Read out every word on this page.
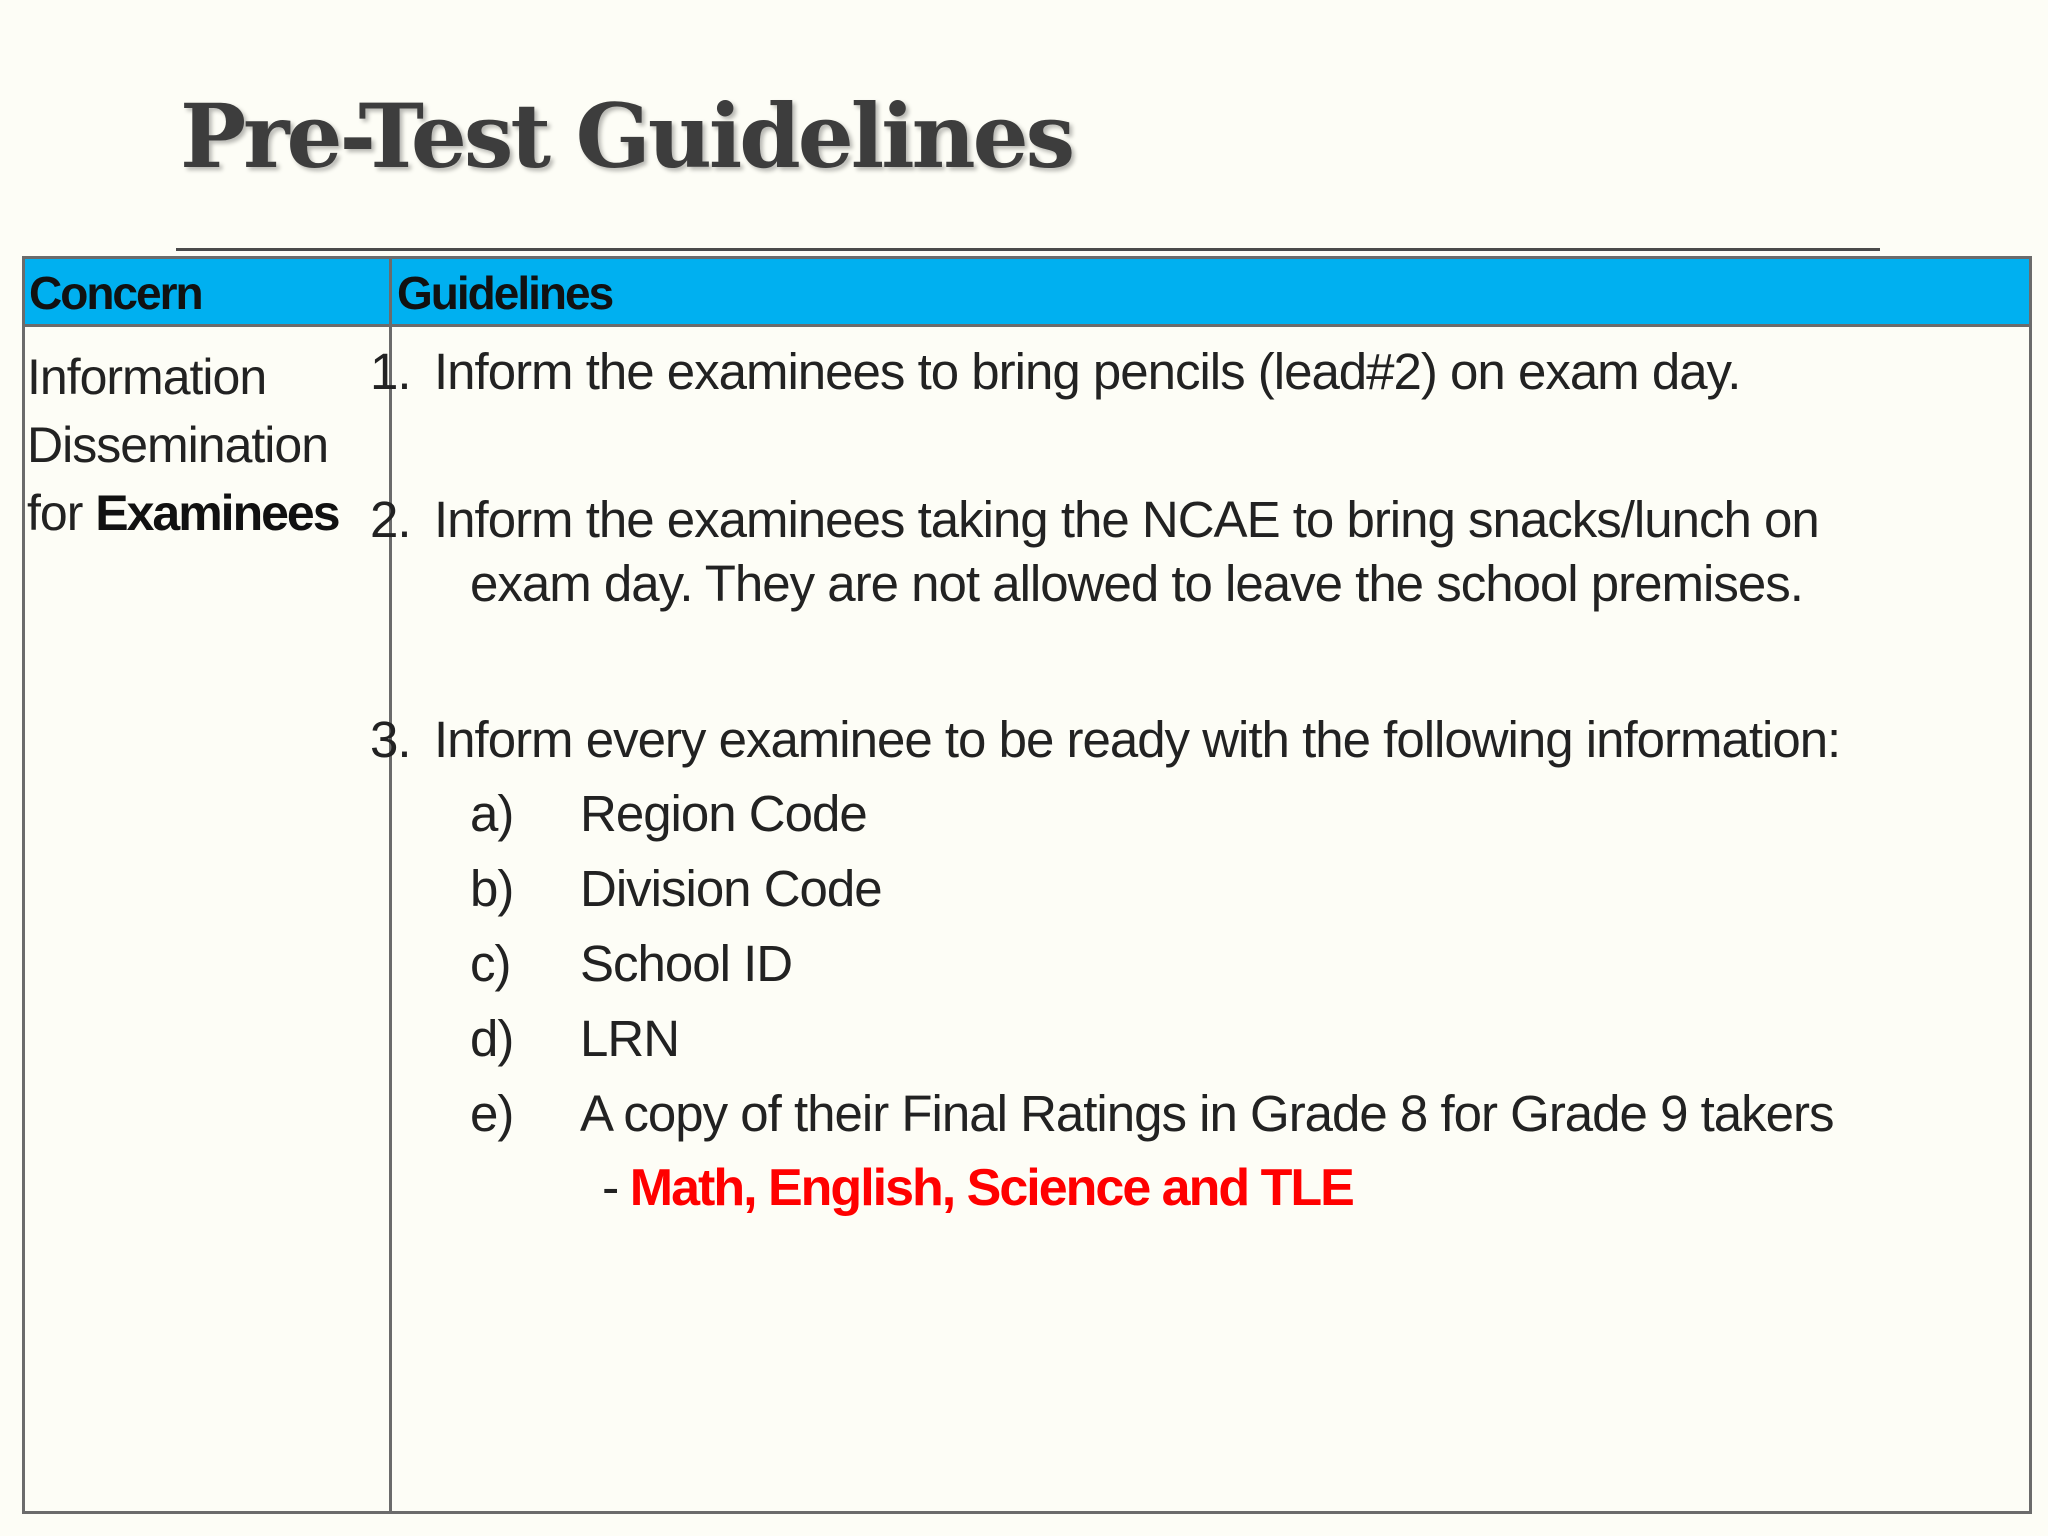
Pre-Test Guidelines
Concern	Guidelines
Information
Dissemination
for Examinees
1. Inform the examinees to bring pencils (lead#2) on exam day.
2. Inform the examinees taking the NCAE to bring snacks/lunch on
exam day. They are not allowed to leave the school premises.
3. Inform every examinee to be ready with the following information:
a) Region Code
b) Division Code
c) School ID
d) LRN
e) A copy of their Final Ratings in Grade 8 for Grade 9 takers
- Math, English, Science and TLE
